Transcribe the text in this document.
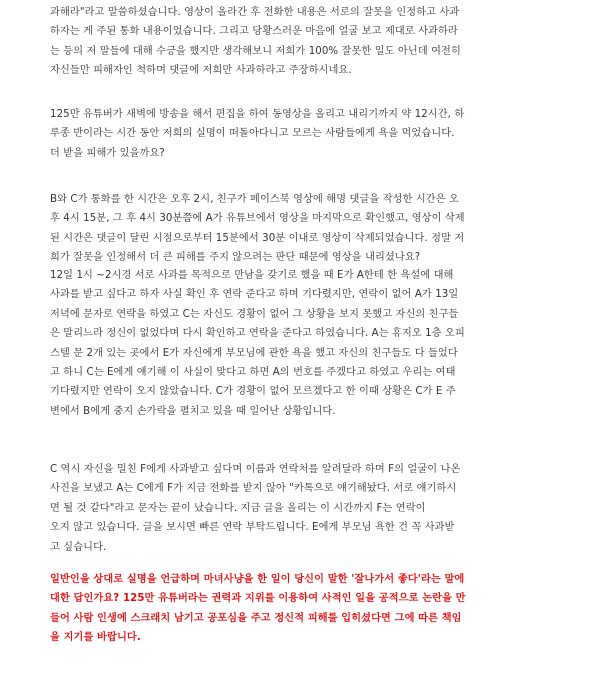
과해라"라고 말씀하셨습니다. 영상이 올라간 후 전화한 내용은 서로의 잘못을 인정하고 사과
하자는 게 주된 통화 내용이었습니다. 그리고 당황스러운 마음에 얼굴 보고 제대로 사과하라
는 등의 저 말들에 대해 수긍을 했지만 생각해보니 저희가 100% 잘못한 일도 아닌데 여전히
자신들만 피해자인 척하며 댓글에 저희만 사과하라고 주장하시네요.

125만 유튜버가 새벽에 방송을 해서 편집을 하여 동영상을 올리고 내리기까지 약 12시간, 하
루종 반이라는 시간 동안 저희의 실명이 떠돌아다니고 모르는 사람들에게 욕을 먹었습니다.
더 받을 피해가 있을까요?

B와 C가 통화를 한 시간은 오후 2시, 친구가 페이스북 영상에 해명 댓글을 작성한 시간은 오
후 4시 15분, 그 후 4시 30분쯤에 A가 유튜브에서 영상을 마지막으로 확인했고, 영상이 삭제
된 시간은 댓글이 달린 시점으로부터 15분에서 30분 이내로 영상이 삭제되었습니다. 정말 저
희가 잘못을 인정해서 더 큰 피해를 주지 않으려는 판단 때문에 영상을 내리셨나요?

12일 1시 ~2시경 서로 사과를 목적으로 만남을 갖기로 했을 때 E가 A한테 한 욕설에 대해
사과를 받고 싶다고 하자 사실 확인 후 연락 준다고 하며 기다렸지만, 연락이 없어 A가 13일
저녁에 문자로 연락을 하였고 C는 자신도 경황이 없어 그 상황을 보지 못했고 자신의 친구들
은 말리느라 정신이 없었다며 다시 확인하고 연락을 준다고 하였습니다. A는 휴지오 1층 오피
스텔 문 2개 있는 곳에서 E가 자신에게 부모님에 관한 욕을 했고 자신의 친구들도 다 들었다
고 하니 C는 E에게 얘기해 이 사실이 맞다고 하면 A의 번호를 주겠다고 하였고 우리는 여태
기다렸지만 연락이 오지 않았습니다. C가 경황이 없어 모르겠다고 한 이때 상황은 C가 E 주
변에서 B에게 중지 손가락을 펼치고 있을 때 일어난 상황입니다.

C 역시 자신을 밀친 F에게 사과받고 싶다며 이름과 연락처를 알려달라 하며 F의 얼굴이 나온
사진을 보냈고 A는 C에게 F가 지금 전화를 받지 않아 "카톡으로 얘기해놨다. 서로 얘기하시
면 될 것 같다"라고 문자는 끝이 났습니다. 지금 글을 올리는 이 시간까지 F는 연락이
오지 않고 있습니다. 글을 보시면 빠른 연락 부탁드립니다. E에게 부모님 욕한 건 꼭 사과받
고 싶습니다.

일반인을 상대로 실명을 언급하며 마녀사냥을 한 일이 당신이 말한 '잘나가서 좋다'라는 말에
대한 답인가요? 125만 유튜버라는 권력과 지위를 이용하여 사적인 일을 공적으로 논란을 만
들어 사람 인생에 스크래치 남기고 공포심을 주고 정신적 피해를 입히셨다면 그에 따른 책임
을 지기를 바랍니다.
